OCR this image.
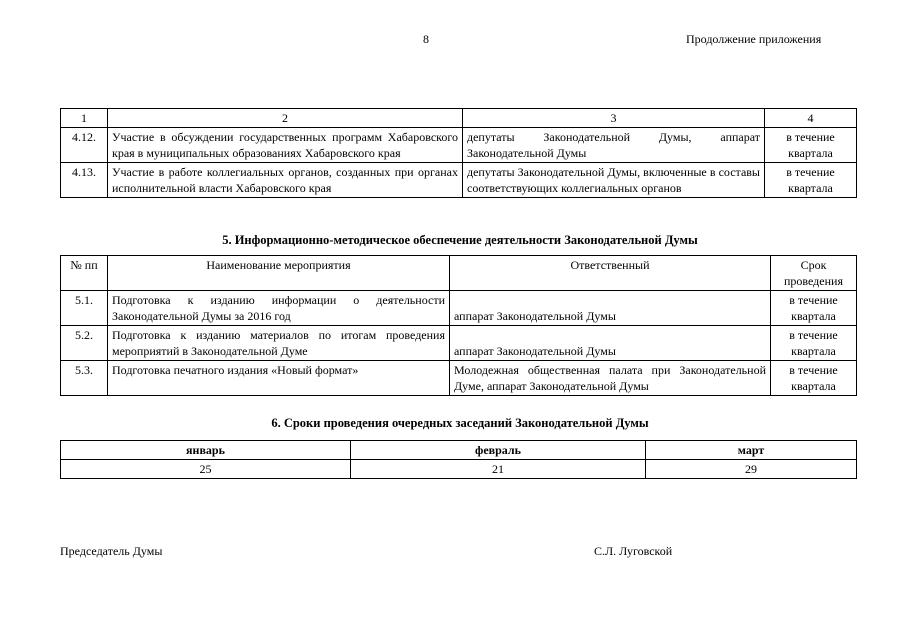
8	Продолжение приложения
1	2	3	4
4.12.	Участие в обсуждении государственных программ Хабаровского края в муниципальных образованиях Хабаровского края	депутаты Законодательной Думы, аппарат Законодательной Думы	в течение квартала
4.13.	Участие в работе коллегиальных органов, созданных при органах исполнительной власти Хабаровского края	депутаты Законодательной Думы, включенные в составы соответствующих коллегиальных органов	в течение квартала
5. Информационно-методическое обеспечение деятельности Законодательной Думы
№ пп	Наименование мероприятия	Ответственный	Срок проведения
5.1.	Подготовка к изданию информации о деятельности Законодательной Думы за 2016 год	аппарат Законодательной Думы	в течение квартала
5.2.	Подготовка к изданию материалов по итогам проведения мероприятий в Законодательной Думе	аппарат Законодательной Думы	в течение квартала
5.3.	Подготовка печатного издания «Новый формат»	Молодежная общественная палата при Законодательной Думе, аппарат Законодательной Думы	в течение квартала
6. Сроки проведения очередных заседаний Законодательной Думы
январь	февраль	март
25	21	29
Председатель Думы	С.Л. Луговской
